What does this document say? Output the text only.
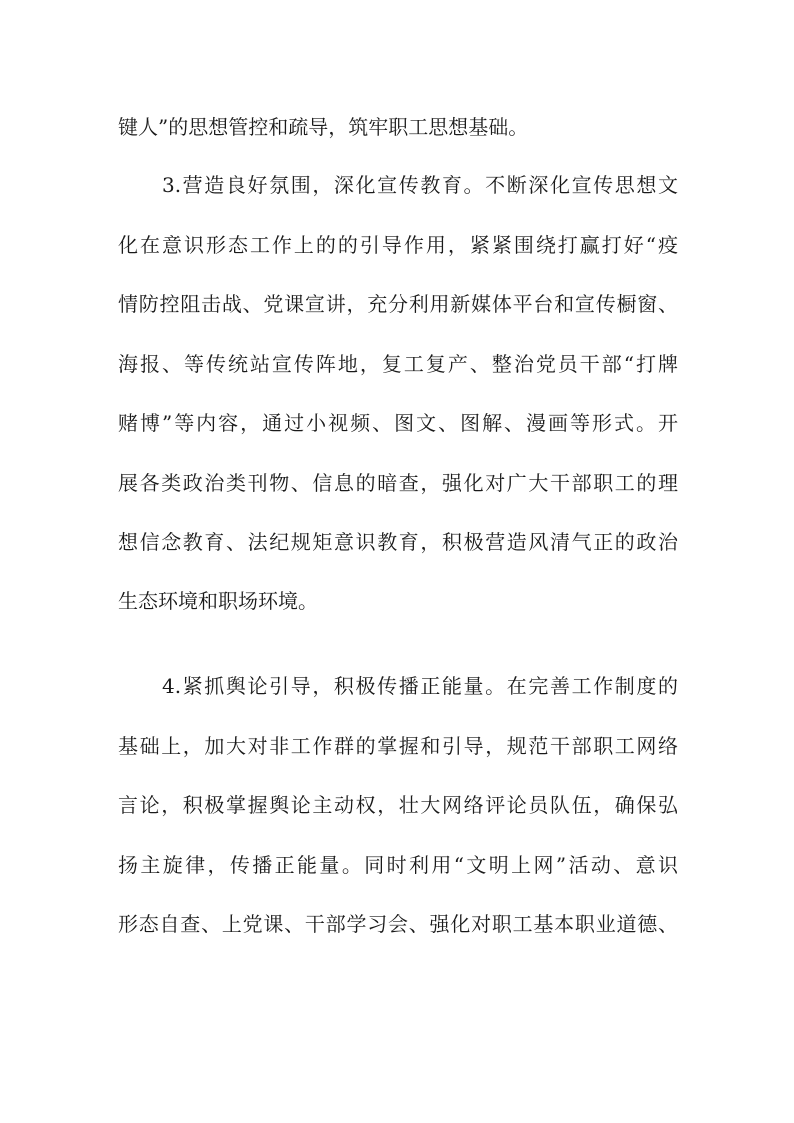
键人”的思想管控和疏导，筑牢职工思想基础。
3.营造良好氛围，深化宣传教育。不断深化宣传思想文
化在意识形态工作上的的引导作用，紧紧围绕打赢打好“疫
情防控阻击战、党课宣讲，充分利用新媒体平台和宣传橱窗、
海报、等传统站宣传阵地，复工复产、整治党员干部“打牌
赌博”等内容，通过小视频、图文、图解、漫画等形式。开
展各类政治类刊物、信息的暗查，强化对广大干部职工的理
想信念教育、法纪规矩意识教育，积极营造风清气正的政治
生态环境和职场环境。
4.紧抓舆论引导，积极传播正能量。在完善工作制度的
基础上，加大对非工作群的掌握和引导，规范干部职工网络
言论，积极掌握舆论主动权，壮大网络评论员队伍，确保弘
扬主旋律，传播正能量。同时利用“文明上网”活动、意识
形态自查、上党课、干部学习会、强化对职工基本职业道德、
